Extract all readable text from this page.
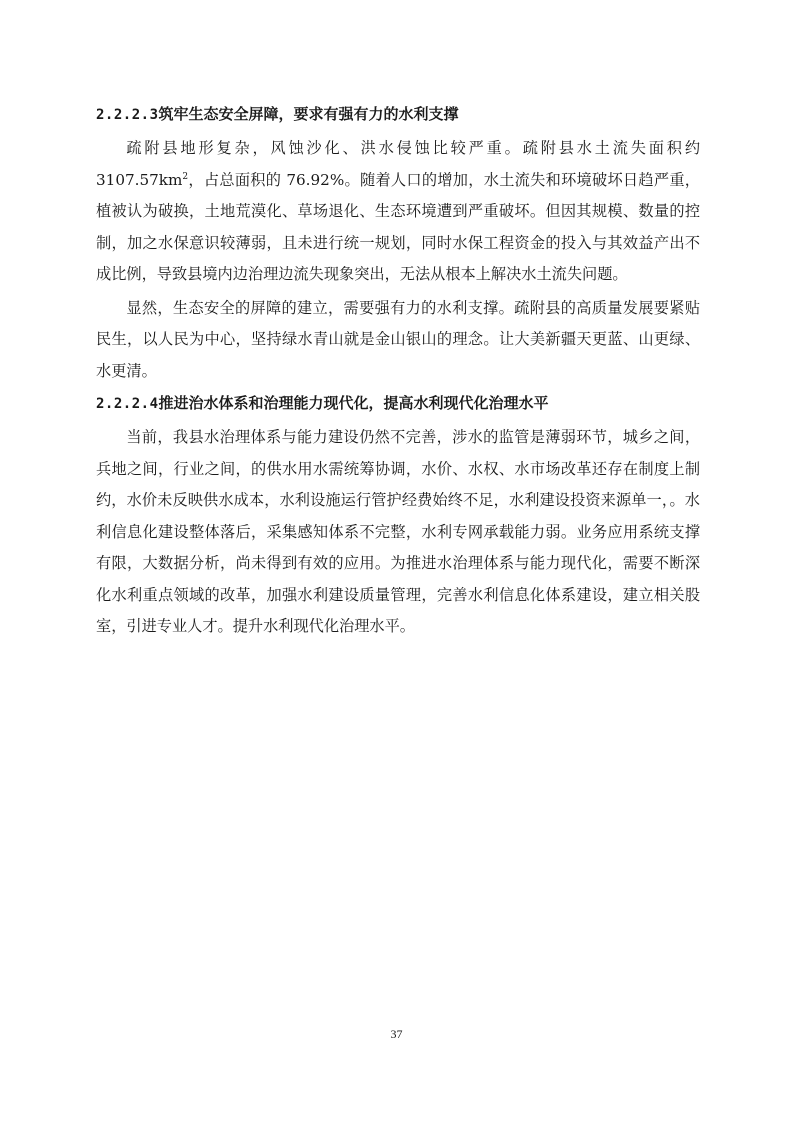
2.2.2.3筑牢生态安全屏障，要求有强有力的水利支撑

疏附县地形复杂，风蚀沙化、洪水侵蚀比较严重。疏附县水土流失面积约$3107.57km^2$，占总面积的 76.92%。随着人口的增加，水土流失和环境破坏日趋严重，植被认为破换，土地荒漠化、草场退化、生态环境遭到严重破坏。但因其规模、数量的控制，加之水保意识较薄弱，且未进行统一规划，同时水保工程资金的投入与其效益产出不成比例，导致县境内边治理边流失现象突出，无法从根本上解决水土流失问题。

显然，生态安全的屏障的建立，需要强有力的水利支撑。疏附县的高质量发展要紧贴民生，以人民为中心，坚持绿水青山就是金山银山的理念。让大美新疆天更蓝、山更绿、水更清。

2.2.2.4推进治水体系和治理能力现代化，提高水利现代化治理水平

当前，我县水治理体系与能力建设仍然不完善，涉水的监管是薄弱环节，城乡之间，兵地之间，行业之间，的供水用水需统筹协调，水价、水权、水市场改革还存在制度上制约，水价未反映供水成本，水利设施运行管护经费始终不足，水利建设投资来源单一，。水利信息化建设整体落后，采集感知体系不完整，水利专网承载能力弱。业务应用系统支撑有限，大数据分析，尚未得到有效的应用。为推进水治理体系与能力现代化，需要不断深化水利重点领域的改革，加强水利建设质量管理，完善水利信息化体系建设，建立相关股室，引进专业人才。提升水利现代化治理水平。

37
